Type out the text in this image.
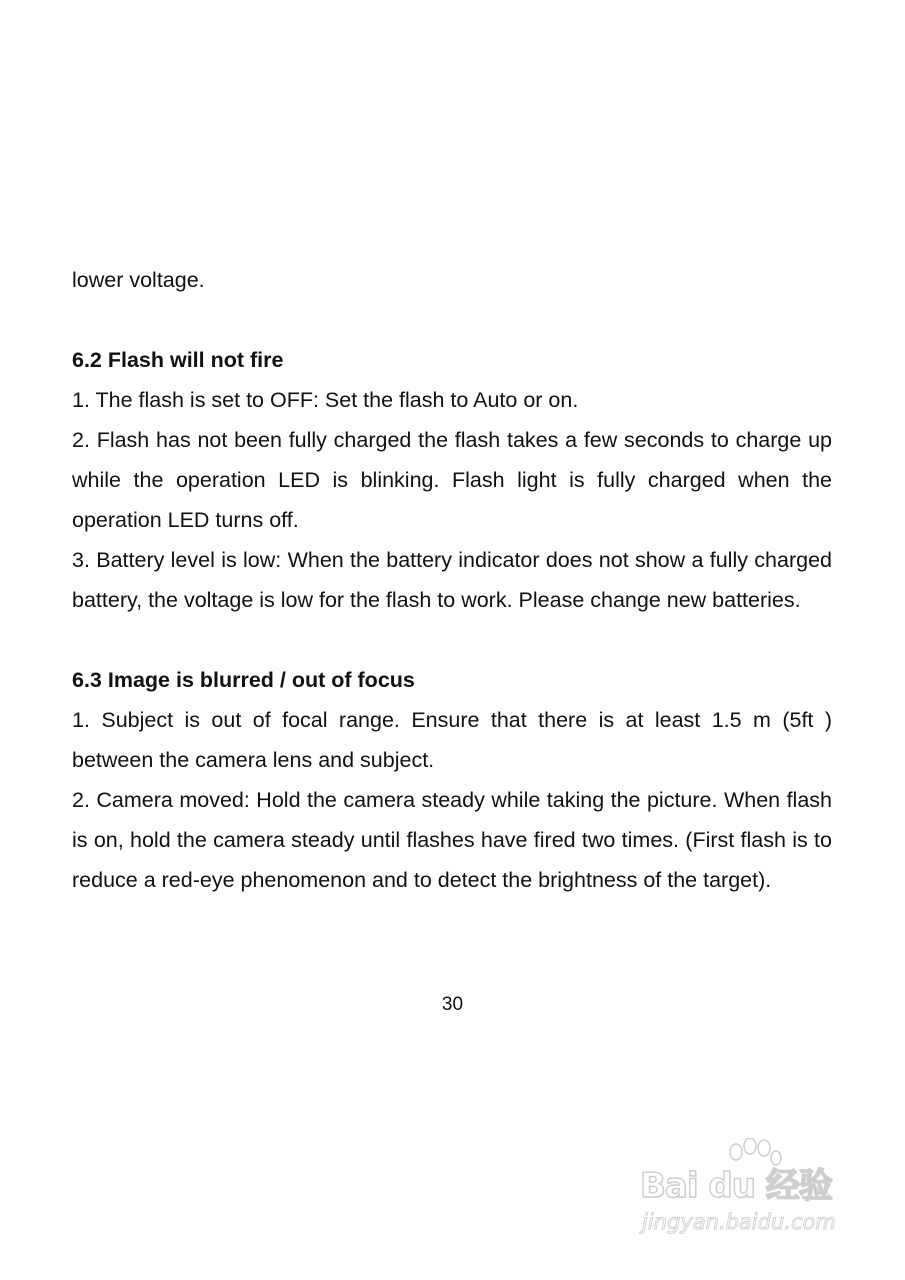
lower voltage.

6.2 Flash will not fire

1. The flash is set to OFF: Set the flash to Auto or on.

2. Flash has not been fully charged the flash takes a few seconds to charge up while the operation LED is blinking. Flash light is fully charged when the operation LED turns off.

3. Battery level is low: When the battery indicator does not show a fully charged battery, the voltage is low for the flash to work. Please change new batteries.

6.3 Image is blurred / out of focus

1. Subject is out of focal range. Ensure that there is at least 1.5 m (5ft ) between the camera lens and subject.

2. Camera moved: Hold the camera steady while taking the picture. When flash is on, hold the camera steady until flashes have fired two times. (First flash is to reduce a red-eye phenomenon and to detect the brightness of the target).

30
Bai du 经验
jingyan.baidu.com
